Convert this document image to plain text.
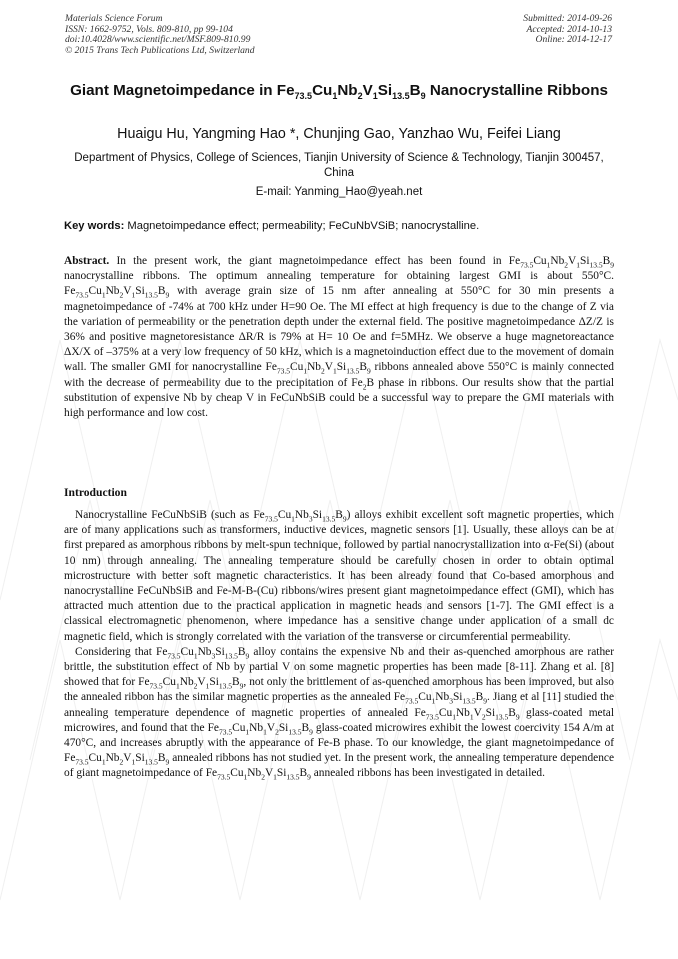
Materials Science Forum
ISSN: 1662-9752, Vols. 809-810, pp 99-104
doi:10.4028/www.scientific.net/MSF.809-810.99
© 2015 Trans Tech Publications Ltd, Switzerland
Submitted: 2014-09-26
Accepted: 2014-10-13
Online: 2014-12-17
Giant Magnetoimpedance in $Fe_{73.5}Cu_1Nb_2V_1Si_{13.5}B_9$ Nanocrystalline Ribbons
Huaigu Hu, Yangming Hao *, Chunjing Gao, Yanzhao Wu, Feifei Liang
Department of Physics, College of Sciences, Tianjin University of Science & Technology, Tianjin 300457, China
E-mail: Yanming_Hao@yeah.net
Key words: Magnetoimpedance effect; permeability; FeCuNbVSiB; nanocrystalline.
Abstract. In the present work, the giant magnetoimpedance effect has been found in $Fe_{73.5}Cu_1Nb_2V_1Si_{13.5}B_9$ nanocrystalline ribbons. The optimum annealing temperature for obtaining largest GMI is about 550°C. $Fe_{73.5}Cu_1Nb_2V_1Si_{13.5}B_9$ with average grain size of 15 nm after annealing at 550°C for 30 min presents a magnetoimpedance of -74% at 700 kHz under H=90 Oe. The MI effect at high frequency is due to the change of Z via the variation of permeability or the penetration depth under the external field. The positive magnetoimpedance ΔZ/Z is 36% and positive magnetoresistance ΔR/R is 79% at H= 10 Oe and f=5MHz. We observe a huge magnetoreactance ΔX/X of –375% at a very low frequency of 50 kHz, which is a magnetoinduction effect due to the movement of domain wall. The smaller GMI for nanocrystalline $Fe_{73.5}Cu_1Nb_2V_1Si_{13.5}B_9$ ribbons annealed above 550°C is mainly connected with the decrease of permeability due to the precipitation of $Fe_2B$ phase in ribbons. Our results show that the partial substitution of expensive Nb by cheap V in FeCuNbSiB could be a successful way to prepare the GMI materials with high performance and low cost.
Introduction

Nanocrystalline FeCuNbSiB (such as $Fe_{73.5}Cu_1Nb_3Si_{13.5}B_9$) alloys exhibit excellent soft magnetic properties, which are of many applications such as transformers, inductive devices, magnetic sensors [1]. Usually, these alloys can be at first prepared as amorphous ribbons by melt-spun technique, followed by partial nanocrystallization into α-Fe(Si) (about 10 nm) through annealing. The annealing temperature should be carefully chosen in order to obtain optimal microstructure with better soft magnetic characteristics. It has been already found that Co-based amorphous and nanocrystalline FeCuNbSiB and Fe-M-B-(Cu) ribbons/wires present giant magnetoimpedance effect (GMI), which has attracted much attention due to the practical application in magnetic heads and sensors [1-7]. The GMI effect is a classical electromagnetic phenomenon, where impedance has a sensitive change under application of a small dc magnetic field, which is strongly correlated with the variation of the transverse or circumferential permeability.

Considering that $Fe_{73.5}Cu_1Nb_3Si_{13.5}B_9$ alloy contains the expensive Nb and their as-quenched amorphous are rather brittle, the substitution effect of Nb by partial V on some magnetic properties has been made [8-11]. Zhang et al. [8] showed that for $Fe_{73.5}Cu_1Nb_2V_1Si_{13.5}B_9$, not only the brittlement of as-quenched amorphous has been improved, but also the annealed ribbon has the similar magnetic properties as the annealed $Fe_{73.5}Cu_1Nb_3Si_{13.5}B_9$. Jiang et al [11] studied the annealing temperature dependence of magnetic properties of annealed $Fe_{73.5}Cu_1Nb_1V_2Si_{13.5}B_9$ glass-coated metal microwires, and found that the $Fe_{73.5}Cu_1Nb_1V_2Si_{13.5}B_9$ glass-coated microwires exhibit the lowest coercivity 154 A/m at 470°C, and increases abruptly with the appearance of Fe-B phase. To our knowledge, the giant magnetoimpedance of $Fe_{73.5}Cu_1Nb_2V_1Si_{13.5}B_9$ annealed ribbons has not studied yet. In the present work, the annealing temperature dependence of giant magnetoimpedance of $Fe_{73.5}Cu_1Nb_2V_1Si_{13.5}B_9$ annealed ribbons has been investigated in detailed.
